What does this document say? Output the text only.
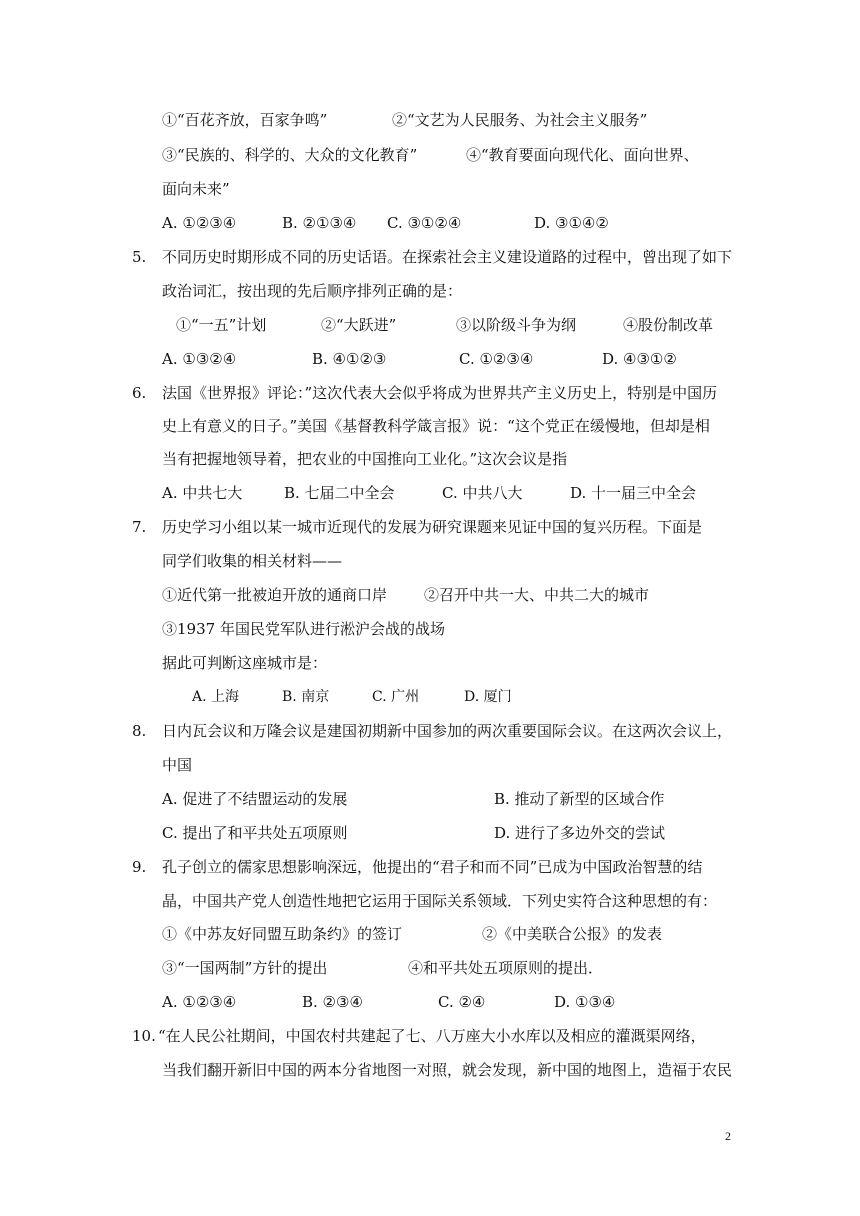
①“百花齐放，百家争鸣”	②“文艺为人民服务、为社会主义服务”
③“民族的、科学的、大众的文化教育”	④“教育要面向现代化、面向世界、
面向未来”
A. ①②③④	B. ②①③④ C. ③①②④	D. ③①④②
5. 不同历史时期形成不同的历史话语。在探索社会主义建设道路的过程中，曾出现了如下
政治词汇，按出现的先后顺序排列正确的是：
①“一五”计划	②“大跃进”	③以阶级斗争为纲	④股份制改革
A. ①③②④	B. ④①②③	C. ①②③④	D. ④③①②
6. 法国《世界报》评论：”这次代表大会似乎将成为世界共产主义历史上，特别是中国历
史上有意义的日子。”美国《基督教科学箴言报》说：“这个党正在缓慢地，但却是相
当有把握地领导着，把农业的中国推向工业化。”这次会议是指
A. 中共七大	B. 七届二中全会	C. 中共八大	D. 十一届三中全会
7. 历史学习小组以某一城市近现代的发展为研究课题来见证中国的复兴历程。下面是
同学们收集的相关材料——
①近代第一批被迫开放的通商口岸 ②召开中共一大、中共二大的城市
③1937 年国民党军队进行淞沪会战的战场
据此可判断这座城市是：
A. 上海	B. 南京	C. 广州	D. 厦门
8. 日内瓦会议和万隆会议是建国初期新中国参加的两次重要国际会议。在这两次会议上，
中国
A. 促进了不结盟运动的发展	B. 推动了新型的区域合作
C. 提出了和平共处五项原则	D. 进行了多边外交的尝试
9. 孔子创立的儒家思想影响深远，他提出的“君子和而不同”已成为中国政治智慧的结
晶，中国共产党人创造性地把它运用于国际关系领域．下列史实符合这种思想的有：
①《中苏友好同盟互助条约》的签订	②《中美联合公报》的发表
③“一国两制”方针的提出	④和平共处五项原则的提出．
A. ①②③④	B. ②③④	C. ②④	D. ①③④
10. “在人民公社期间，中国农村共建起了七、八万座大小水库以及相应的灌溉渠网络，
当我们翻开新旧中国的两本分省地图一对照，就会发现，新中国的地图上，造福于农民
2
